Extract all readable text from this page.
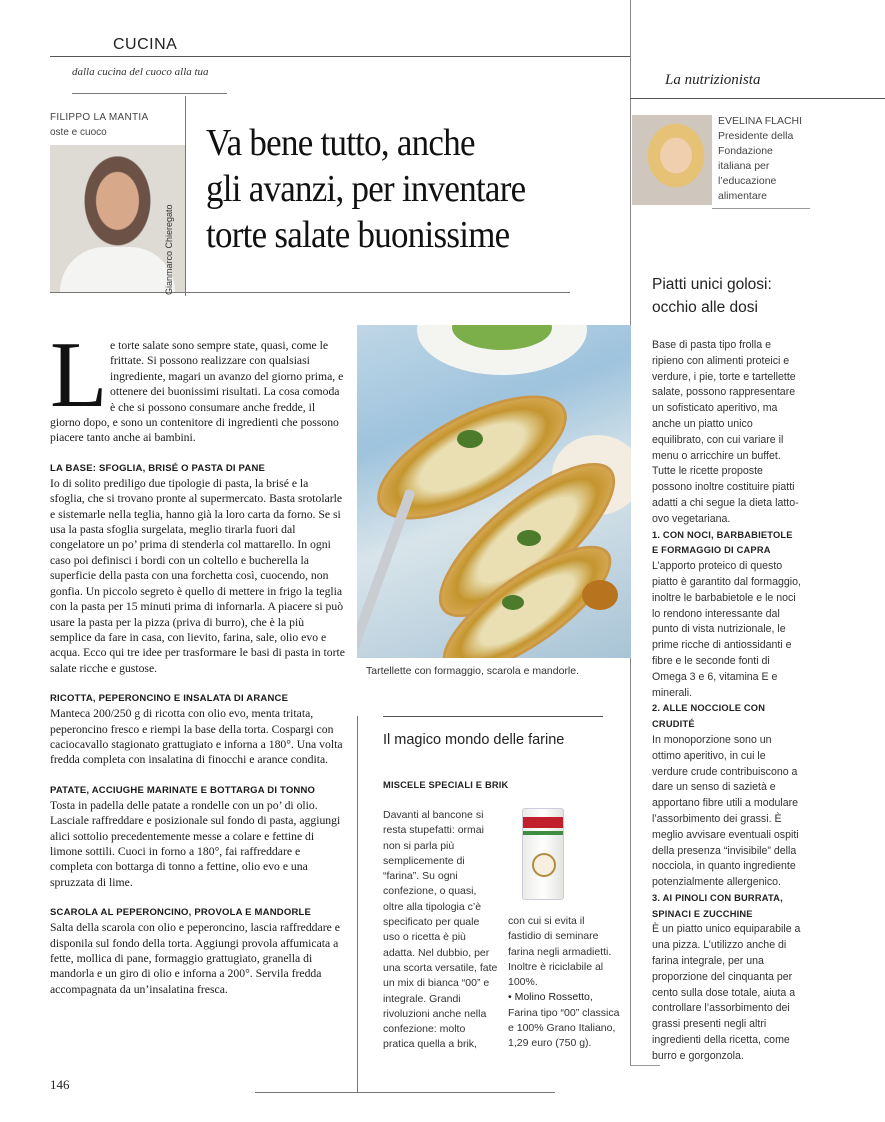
CUCINA
dalla cucina del cuoco alla tua	La nutrizionista
FILIPPO LA MANTIA
oste e cuoco
Gianmarco Chieregato
Va bene tutto, anche
gli avanzi, per inventare
torte salate buonissime
EVELINA FLACHI
Presidente della
Fondazione
italiana per
l’educazione
alimentare
Piatti unici golosi:
occhio alle dosi
L e torte salate sono sempre state, quasi, come le frittate. Si possono realizzare con qualsiasi ingrediente, magari un avanzo del giorno prima, e ottenere dei buonissimi risultati. La cosa comoda è che si possono consumare anche fredde, il giorno dopo, e sono un contenitore di ingredienti che possono piacere tanto anche ai bambini.

LA BASE: SFOGLIA, BRISÉ O PASTA DI PANE

Io di solito prediligo due tipologie di pasta, la brisé e la sfoglia, che si trovano pronte al supermercato. Basta srotolarle e sistemarle nella teglia, hanno già la loro carta da forno. Se si usa la pasta sfoglia surgelata, meglio tirarla fuori dal congelatore un po’ prima di stenderla col mattarello. In ogni caso poi definisci i bordi con un coltello e bucherella la superficie della pasta con una forchetta così, cuocendo, non gonfia. Un piccolo segreto è quello di mettere in frigo la teglia con la pasta per 15 minuti prima di infornarla. A piacere si può usare la pasta per la pizza (priva di burro), che è la più semplice da fare in casa, con lievito, farina, sale, olio evo e acqua. Ecco qui tre idee per trasformare le basi di pasta in torte salate ricche e gustose.

RICOTTA, PEPERONCINO E INSALATA DI ARANCE

Manteca 200/250 g di ricotta con olio evo, menta tritata, peperoncino fresco e riempi la base della torta. Cospargi con caciocavallo stagionato grattugiato e inforna a 180°. Una volta fredda completa con insalatina di finocchi e arance condita.

PATATE, ACCIUGHE MARINATE E BOTTARGA DI TONNO

Tosta in padella delle patate a rondelle con un po’ di olio. Lasciale raffreddare e posizionale sul fondo di pasta, aggiungi alici sottolio precedentemente messe a colare e fettine di limone sottili. Cuoci in forno a 180°, fai raffreddare e completa con bottarga di tonno a fettine, olio evo e una spruzzata di lime.

SCAROLA AL PEPERONCINO, PROVOLA E MANDORLE

Salta della scarola con olio e peperoncino, lascia raffreddare e disponila sul fondo della torta. Aggiungi provola affumicata a fette, mollica di pane, formaggio grattugiato, granella di mandorla e un giro di olio e inforna a 200°. Servila fredda accompagnata da un’insalatina fresca.

Tartellette con formaggio, scarola e mandorle.
Il magico mondo delle farine
MISCELE SPECIALI E BRIK
Davanti al bancone si resta stupefatti: ormai non si parla più semplicemente di “farina”. Su ogni confezione, o quasi, oltre alla tipologia c’è specificato per quale uso o ricetta è più adatta. Nel dubbio, per una scorta versatile, fate un mix di bianca “00” e integrale. Grandi rivoluzioni anche nella confezione: molto pratica quella a brik,
con cui si evita il fastidio di seminare farina negli armadietti. Inoltre è riciclabile al 100%.
• Molino Rossetto,
Farina tipo “00” classica e 100% Grano Italiano, 1,29 euro (750 g).
Base di pasta tipo frolla e ripieno con alimenti proteici e verdure, i pie, torte e tartellette salate, possono rappresentare un sofisticato aperitivo, ma anche un piatto unico equilibrato, con cui variare il menu o arricchire un buffet. Tutte le ricette proposte possono inoltre costituire piatti adatti a chi segue la dieta latto-ovo vegetariana.
1. CON NOCI, BARBABIETOLE
E FORMAGGIO DI CAPRA
L’apporto proteico di questo piatto è garantito dal formaggio, inoltre le barbabietole e le noci lo rendono interessante dal punto di vista nutrizionale, le prime ricche di antiossidanti e fibre e le seconde fonti di Omega 3 e 6, vitamina E e minerali.
2. ALLE NOCCIOLE CON CRUDITÉ
In monoporzione sono un ottimo aperitivo, in cui le verdure crude contribuiscono a dare un senso di sazietà e apportano fibre utili a modulare l’assorbimento dei grassi. È meglio avvisare eventuali ospiti della presenza “invisibile” della nocciola, in quanto ingrediente potenzialmente allergenico.
3. AI PINOLI CON BURRATA,
SPINACI E ZUCCHINE
È un piatto unico equiparabile a una pizza. L’utilizzo anche di farina integrale, per una proporzione del cinquanta per cento sulla dose totale, aiuta a controllare l’assorbimento dei grassi presenti negli altri ingredienti della ricetta, come burro e gorgonzola.
146
